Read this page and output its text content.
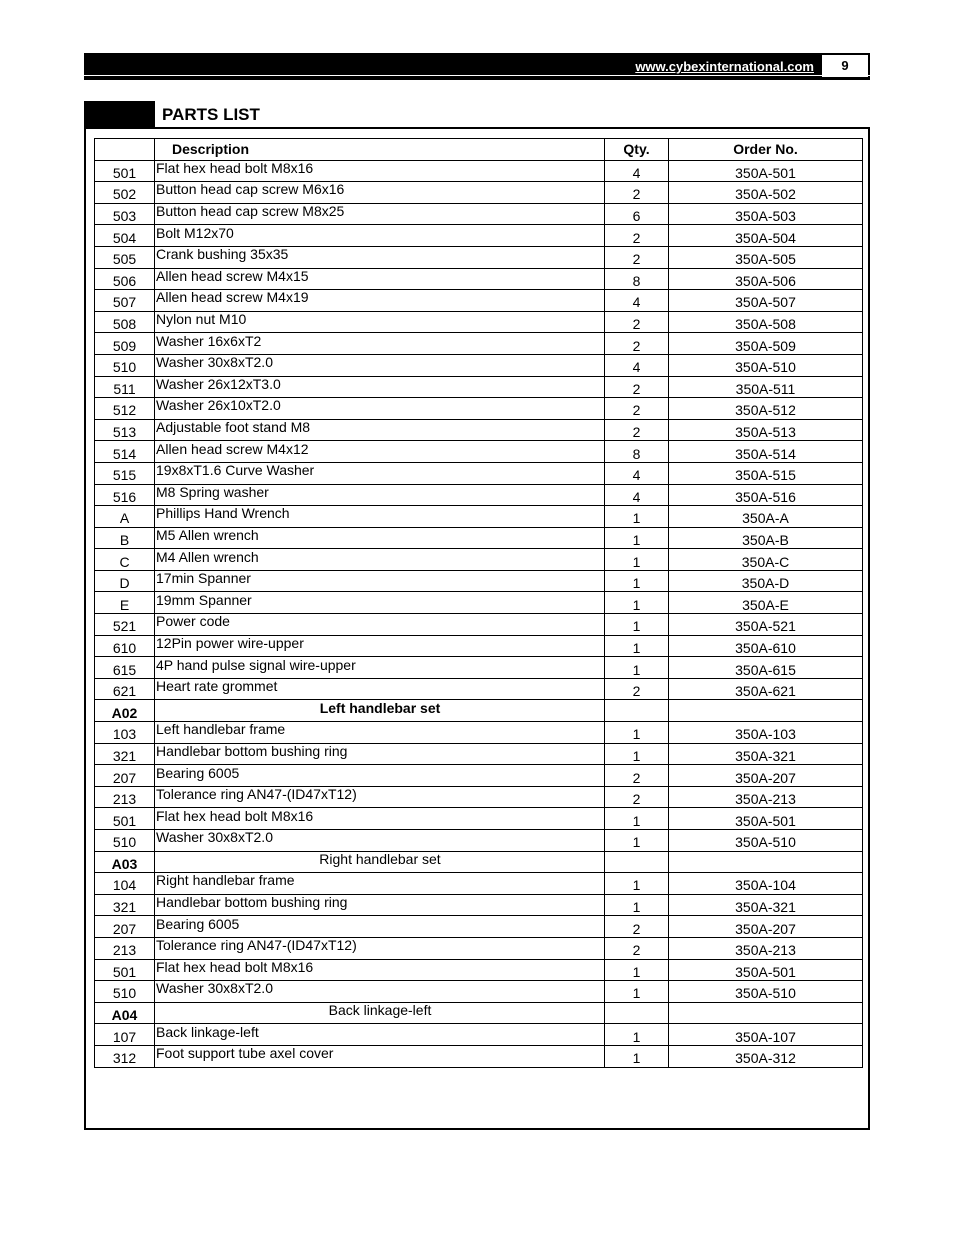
www.cybexinternational.com	9
PARTS LIST
	Description	Qty.	Order No.

501	Flat hex head bolt M8x16	4	350A-501

502	Button head cap screw M6x16	2	350A-502

503	Button head cap screw M8x25	6	350A-503

504	Bolt M12x70	2	350A-504

505	Crank bushing 35x35	2	350A-505

506	Allen head screw M4x15	8	350A-506

507	Allen head screw M4x19	4	350A-507

508	Nylon nut M10	2	350A-508

509	Washer 16x6xT2	2	350A-509

510	Washer 30x8xT2.0	4	350A-510

511	Washer 26x12xT3.0	2	350A-511

512	Washer 26x10xT2.0	2	350A-512

513	Adjustable foot stand M8	2	350A-513

514	Allen head screw M4x12	8	350A-514

515	19x8xT1.6 Curve Washer	4	350A-515

516	M8 Spring washer	4	350A-516

A	Phillips Hand Wrench	1	350A-A

B	M5 Allen wrench	1	350A-B

C	M4 Allen wrench	1	350A-C

D	17min Spanner	1	350A-D

E	19mm Spanner	1	350A-E

521	Power code	1	350A-521

610	12Pin power wire-upper	1	350A-610

615	4P hand pulse signal wire-upper	1	350A-615

621	Heart rate grommet	2	350A-621

A02	Left handlebar set		

103	Left handlebar frame	1	350A-103

321	Handlebar bottom bushing ring	1	350A-321

207	Bearing 6005	2	350A-207

213	Tolerance ring AN47-(ID47xT12)	2	350A-213

501	Flat hex head bolt M8x16	1	350A-501

510	Washer 30x8xT2.0	1	350A-510

A03	Right handlebar set		

104	Right handlebar frame	1	350A-104

321	Handlebar bottom bushing ring	1	350A-321

207	Bearing 6005	2	350A-207

213	Tolerance ring AN47-(ID47xT12)	2	350A-213

501	Flat hex head bolt M8x16	1	350A-501

510	Washer 30x8xT2.0	1	350A-510

A04	Back linkage-left		

107	Back linkage-left	1	350A-107

312	Foot support tube axel cover	1	350A-312
